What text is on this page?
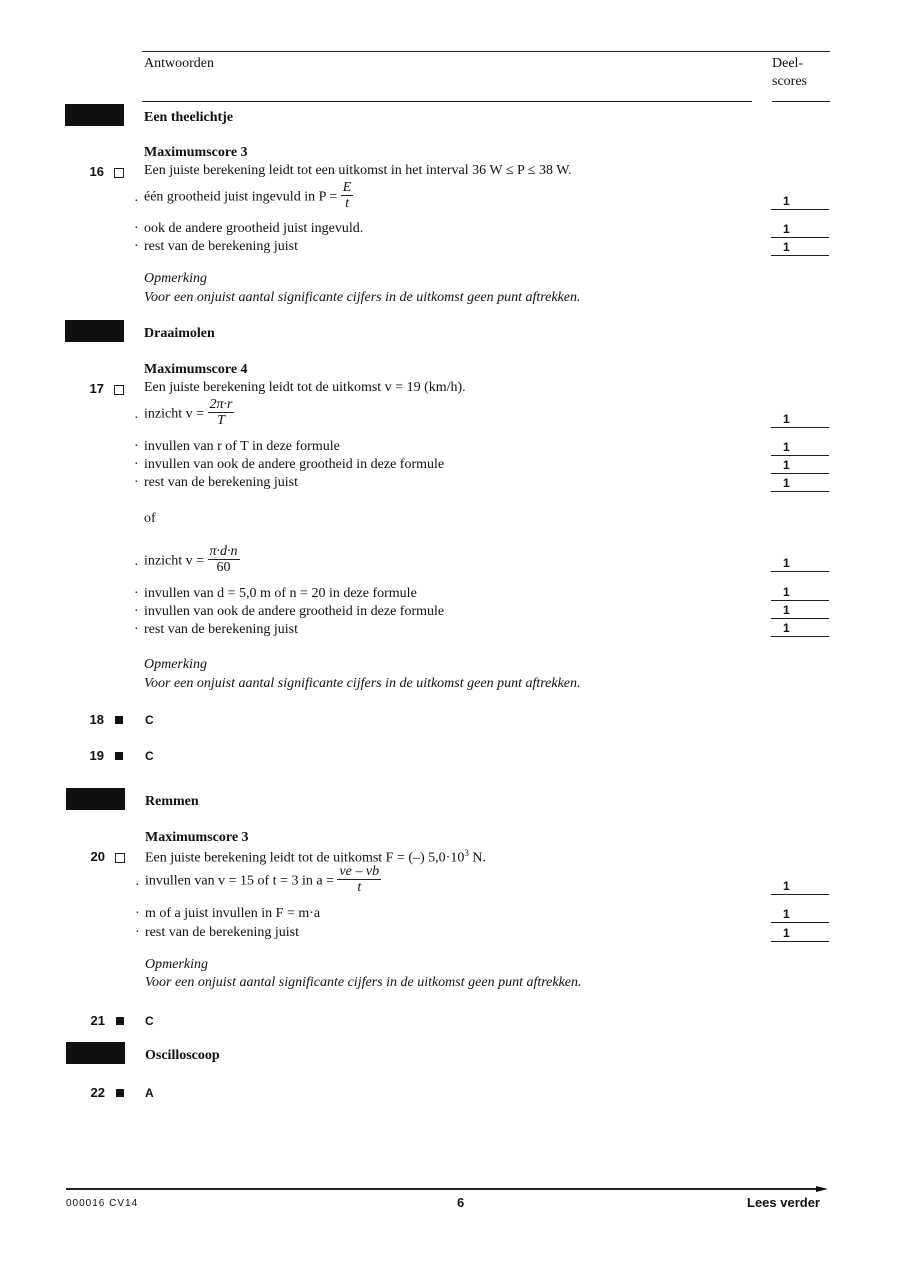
Antwoorden	Deel-
scores
Een theelichtje
Maximumscore 3
16	Een juiste berekening leidt tot een uitkomst in het interval 36 W ≤ P ≤ 38 W.
· één grootheid juist ingevuld in $P = \frac{E}{t}$	1
· ook de andere grootheid juist ingevuld.	1
· rest van de berekening juist	1
Opmerking
Voor een onjuist aantal significante cijfers in de uitkomst geen punt aftrekken.
Draaimolen
Maximumscore 4
17	Een juiste berekening leidt tot de uitkomst v = 19 (km/h).
· inzicht $v = \frac{2\pi\cdot r}{T}$	1
· invullen van r of T in deze formule	1
· invullen van ook de andere grootheid in deze formule	1
· rest van de berekening juist	1
of
· inzicht $v = \frac{\pi\cdot d\cdot n}{60}$	1
· invullen van d = 5,0 m of n = 20 in deze formule	1
· invullen van ook de andere grootheid in deze formule	1
· rest van de berekening juist	1
Opmerking
Voor een onjuist aantal significante cijfers in de uitkomst geen punt aftrekken.
18	C
19	C
Remmen
Maximumscore 3
20	Een juiste berekening leidt tot de uitkomst F = (–) $5,0\cdot 10^3$ N.
· invullen van v = 15 of t = 3 in $a = \frac{ve - vb}{t}$	1
· m of a juist invullen in F = m·a	1
· rest van de berekening juist	1
Opmerking
Voor een onjuist aantal significante cijfers in de uitkomst geen punt aftrekken.
21	C
Oscilloscoop
22	A
000016 CV14	6	Lees verder
